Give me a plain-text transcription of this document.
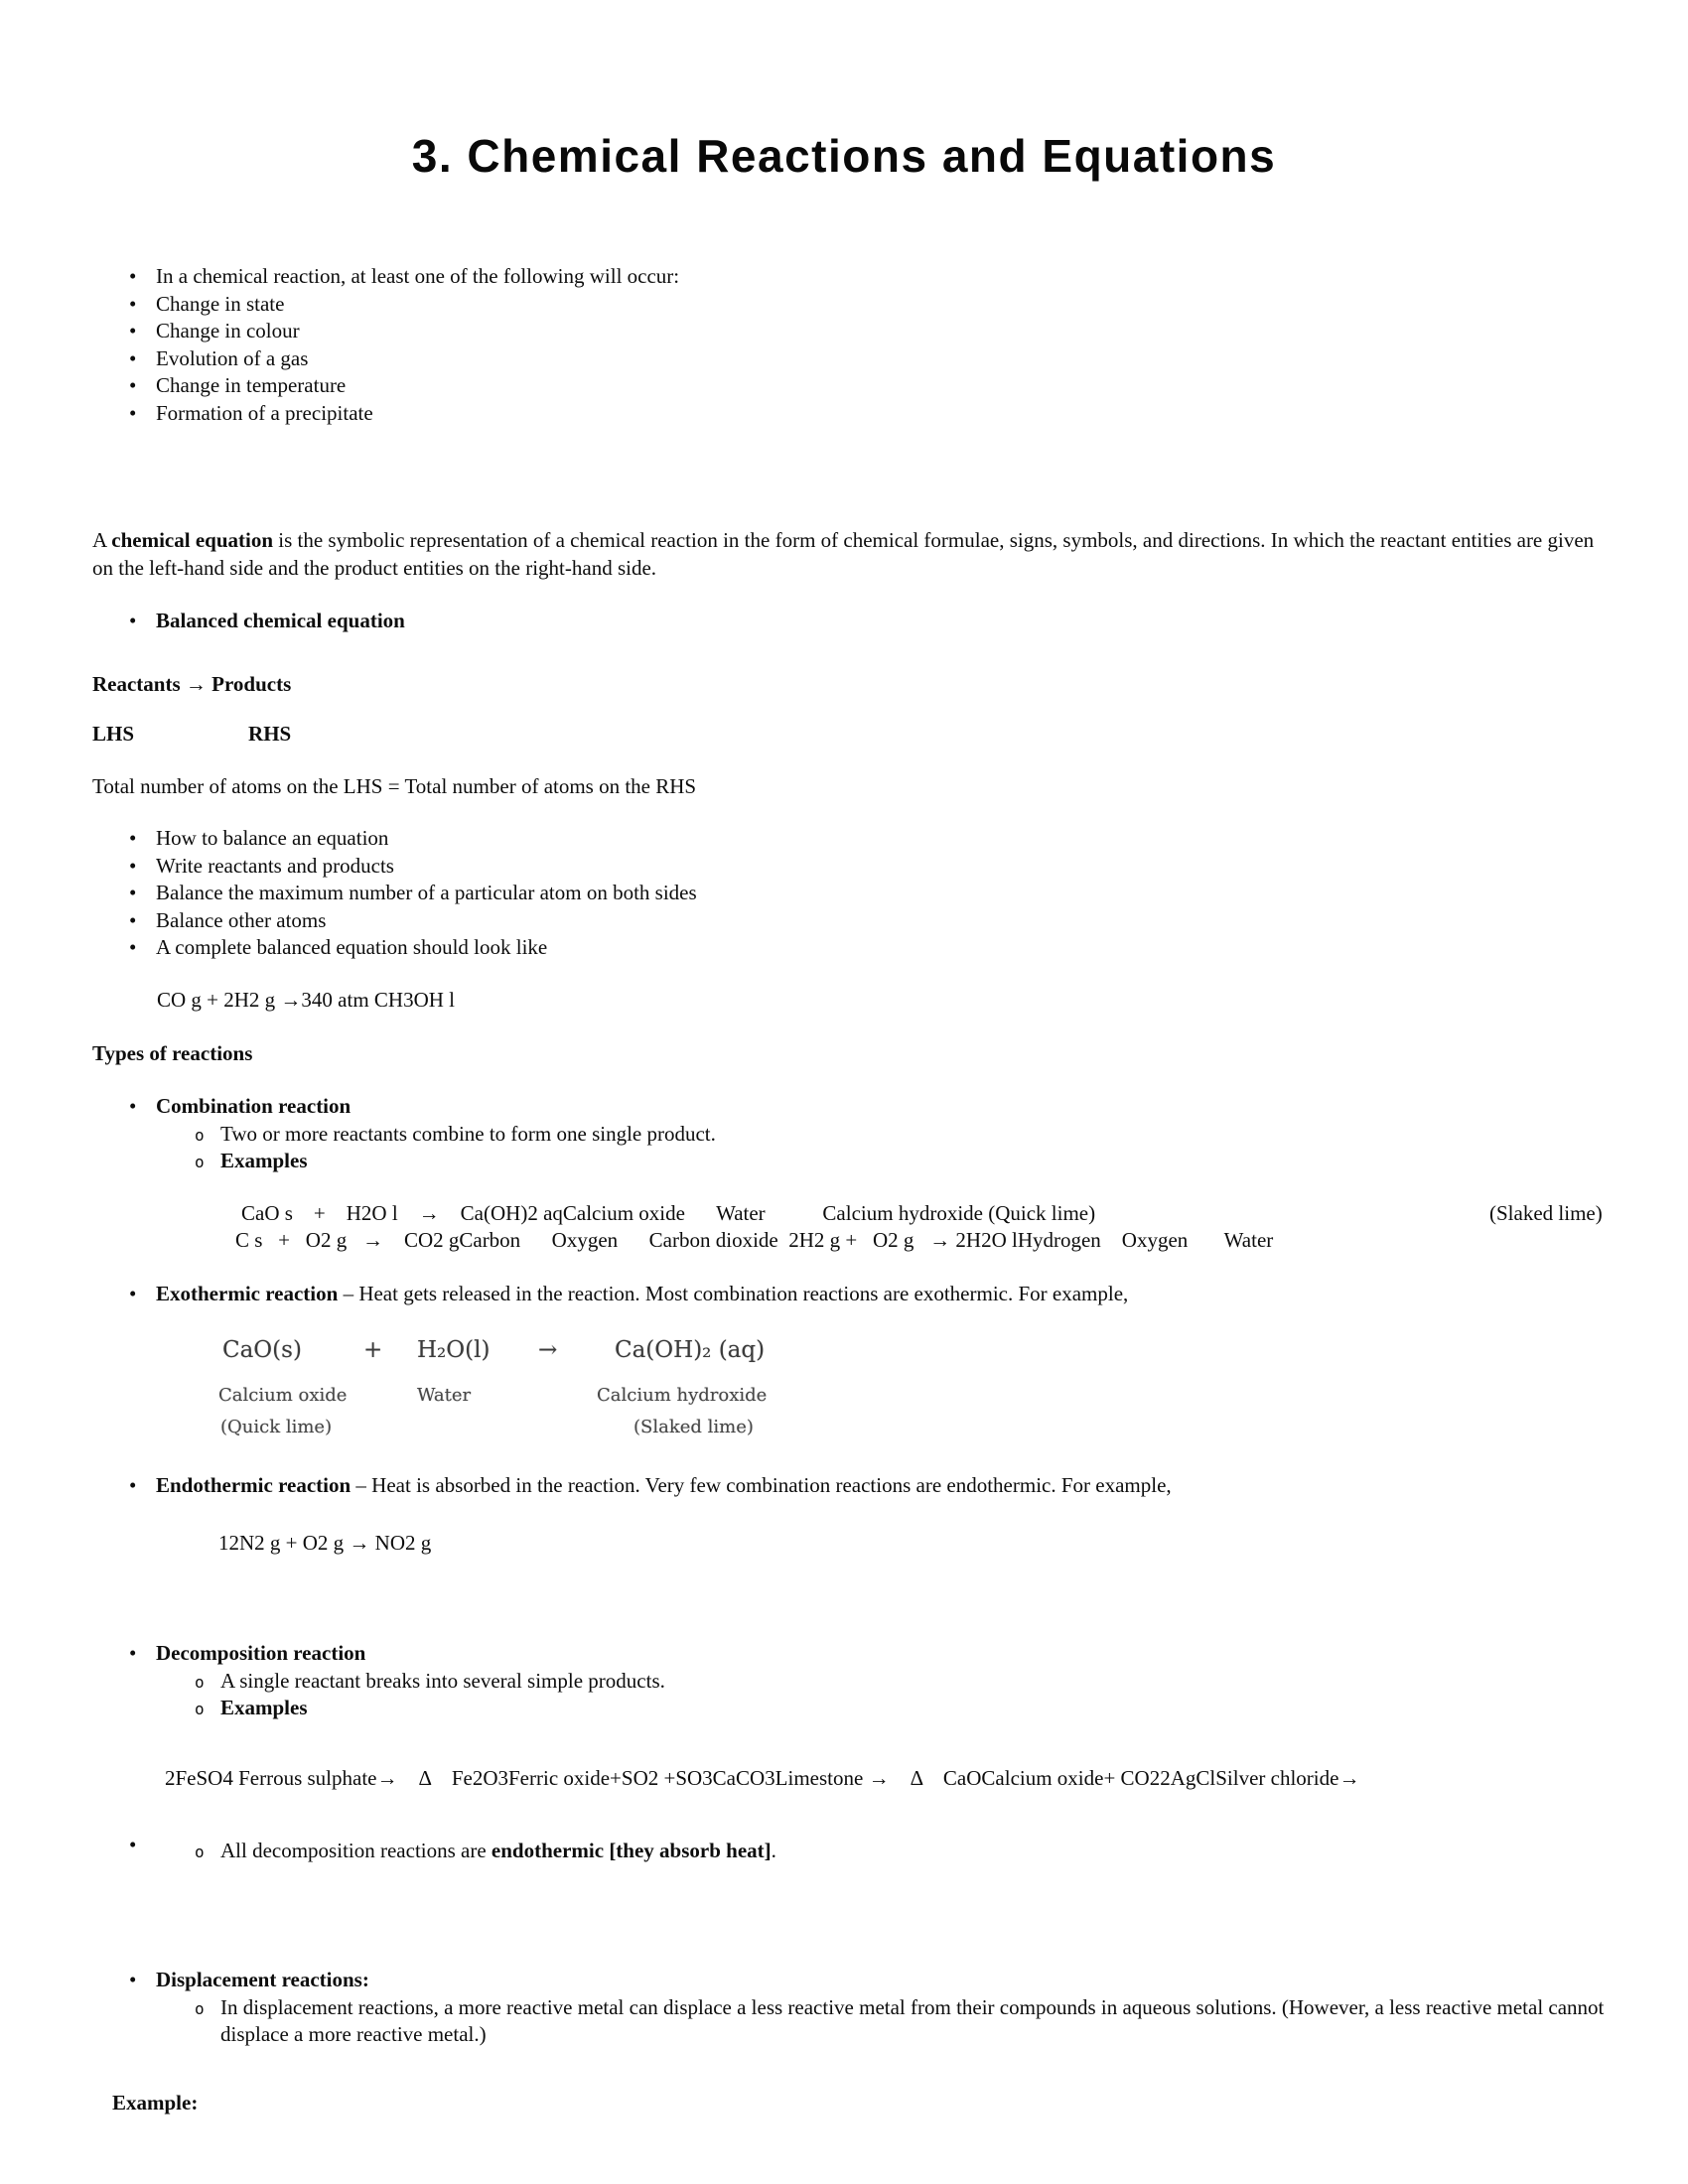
3. Chemical Reactions and Equations
•
In a chemical reaction, at least one of the following will occur:
•
Change in state
•
Change in colour
•
Evolution of a gas
•
Change in temperature
•
Formation of a precipitate
A chemical equation is the symbolic representation of a chemical reaction in the form of chemical formulae, signs, symbols, and directions. In which the reactant entities are given on the left-hand side and the product entities on the right-hand side.
•
Balanced chemical equation
Reactants → Products
LHS	RHS
Total number of atoms on the LHS = Total number of atoms on the RHS
•
How to balance an equation
•
Write reactants and products
•
Balance the maximum number of a particular atom on both sides
•
Balance other atoms
•
A complete balanced equation should look like
CO g + 2H2 g →340 atm CH3OH l
Types of reactions
•
Combination reaction
o
Two or more reactants combine to form one single product.
o
Examples
CaO s    +    H2O l    →    Ca(OH)2 aqCalcium oxide      Water           Calcium hydroxide (Quick lime)	(Slaked lime)
C s   +   O2 g   →    CO2 gCarbon      Oxygen      Carbon dioxide  2H2 g +   O2 g   → 2H2O lHydrogen    Oxygen       Water
•
Exothermic reaction – Heat gets released in the reaction. Most combination reactions are exothermic. For example,
CaO(s)	+ H₂O(l) →	Ca(OH)₂ (aq)
Calcium oxide	Water	Calcium hydroxide
(Quick lime)	(Slaked lime)
•
Endothermic reaction – Heat is absorbed in the reaction. Very few combination reactions are endothermic. For example,
12N2 g + O2 g → NO2 g
•
Decomposition reaction
o
A single reactant breaks into several simple products.
o
Examples
2FeSO4 Ferrous sulphate→    Δ    Fe2O3Ferric oxide+SO2 +SO3CaCO3Limestone →    Δ    CaOCalcium oxide+ CO22AgClSilver chloride→
•
o
All decomposition reactions are endothermic [they absorb heat].
•
Displacement reactions:
o
In displacement reactions, a more reactive metal can displace a less reactive metal from their compounds in aqueous solutions. (However, a less reactive metal cannot displace a more reactive metal.)
Example:
